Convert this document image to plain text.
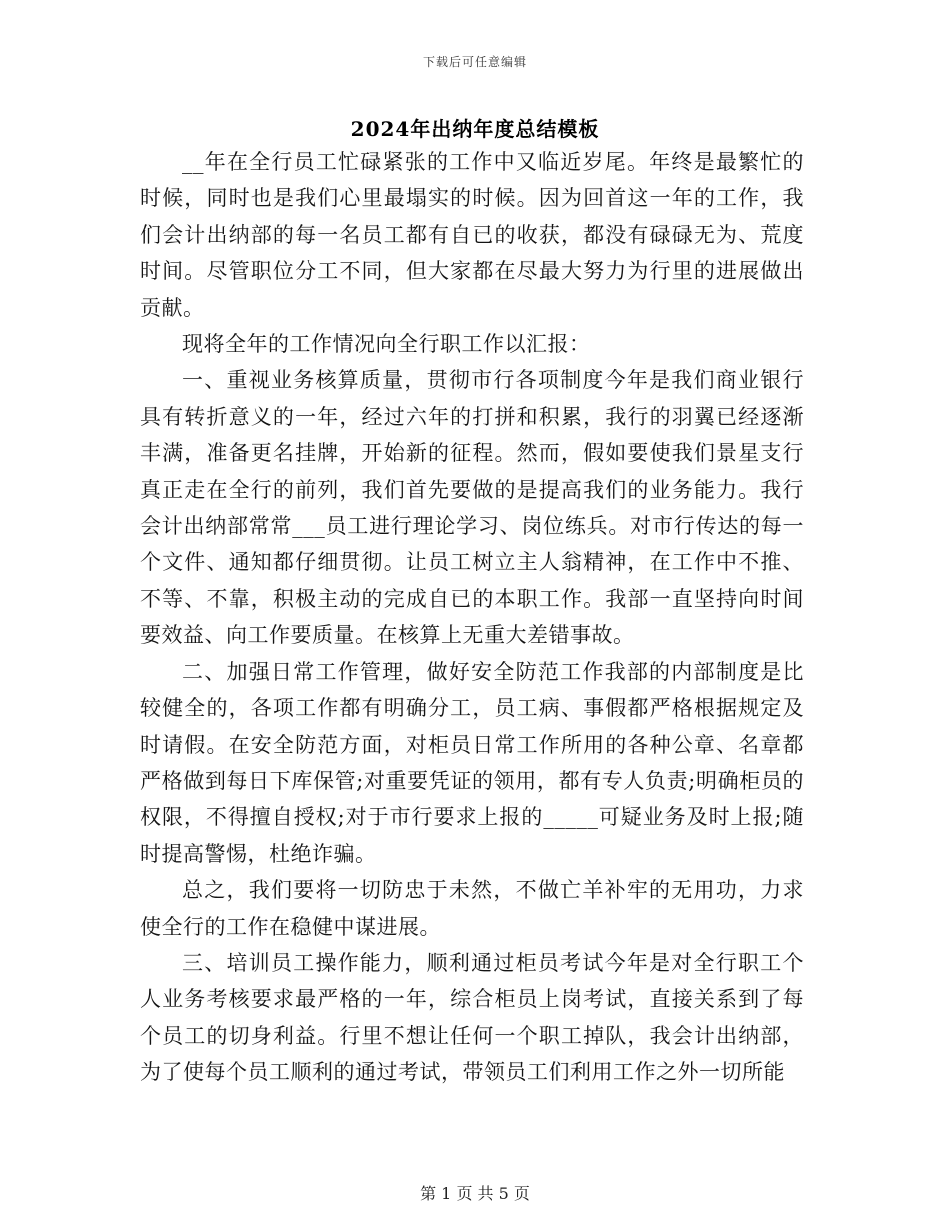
下载后可任意编辑
2024年出纳年度总结模板

__年在全行员工忙碌紧张的工作中又临近岁尾。年终是最繁忙的时候，同时也是我们心里最塌实的时候。因为回首这一年的工作，我们会计出纳部的每一名员工都有自已的收获，都没有碌碌无为、荒度时间。尽管职位分工不同，但大家都在尽最大努力为行里的进展做出贡献。

现将全年的工作情况向全行职工作以汇报：

一、重视业务核算质量，贯彻市行各项制度今年是我们商业银行具有转折意义的一年，经过六年的打拼和积累，我行的羽翼已经逐渐丰满，准备更名挂牌，开始新的征程。然而，假如要使我们景星支行真正走在全行的前列，我们首先要做的是提高我们的业务能力。我行会计出纳部常常___员工进行理论学习、岗位练兵。对市行传达的每一个文件、通知都仔细贯彻。让员工树立主人翁精神，在工作中不推、不等、不靠，积极主动的完成自已的本职工作。我部一直坚持向时间要效益、向工作要质量。在核算上无重大差错事故。

二、加强日常工作管理，做好安全防范工作我部的内部制度是比较健全的，各项工作都有明确分工，员工病、事假都严格根据规定及时请假。在安全防范方面，对柜员日常工作所用的各种公章、名章都严格做到每日下库保管;对重要凭证的领用，都有专人负责;明确柜员的权限，不得擅自授权;对于市行要求上报的_____可疑业务及时上报;随时提高警惕，杜绝诈骗。

总之，我们要将一切防忠于未然，不做亡羊补牢的无用功，力求使全行的工作在稳健中谋进展。

三、培训员工操作能力，顺利通过柜员考试今年是对全行职工个人业务考核要求最严格的一年，综合柜员上岗考试，直接关系到了每个员工的切身利益。行里不想让任何一个职工掉队，我会计出纳部，为了使每个员工顺利的通过考试，带领员工们利用工作之外一切所能

第 1 页 共 5 页
